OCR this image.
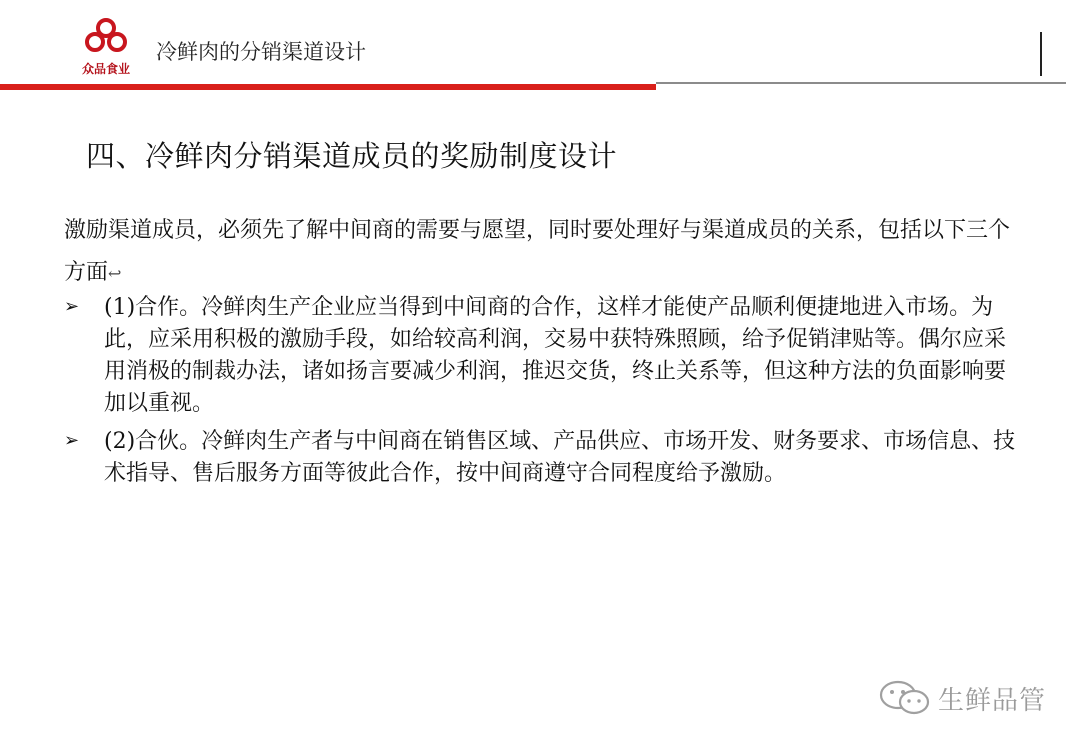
众品食业
冷鲜肉的分销渠道设计
四、冷鲜肉分销渠道成员的奖励制度设计
激励渠道成员，必须先了解中间商的需要与愿望，同时要处理好与渠道成员的关系，包括以下三个方面↩
➢ (1)合作。冷鲜肉生产企业应当得到中间商的合作，这样才能使产品顺利便捷地进入市场。为此，应采用积极的激励手段，如给较高利润，交易中获特殊照顾，给予促销津贴等。偶尔应采用消极的制裁办法，诸如扬言要减少利润，推迟交货，终止关系等，但这种方法的负面影响要加以重视。
➢ (2)合伙。冷鲜肉生产者与中间商在销售区域、产品供应、市场开发、财务要求、市场信息、技术指导、售后服务方面等彼此合作，按中间商遵守合同程度给予激励。
生鲜品管
